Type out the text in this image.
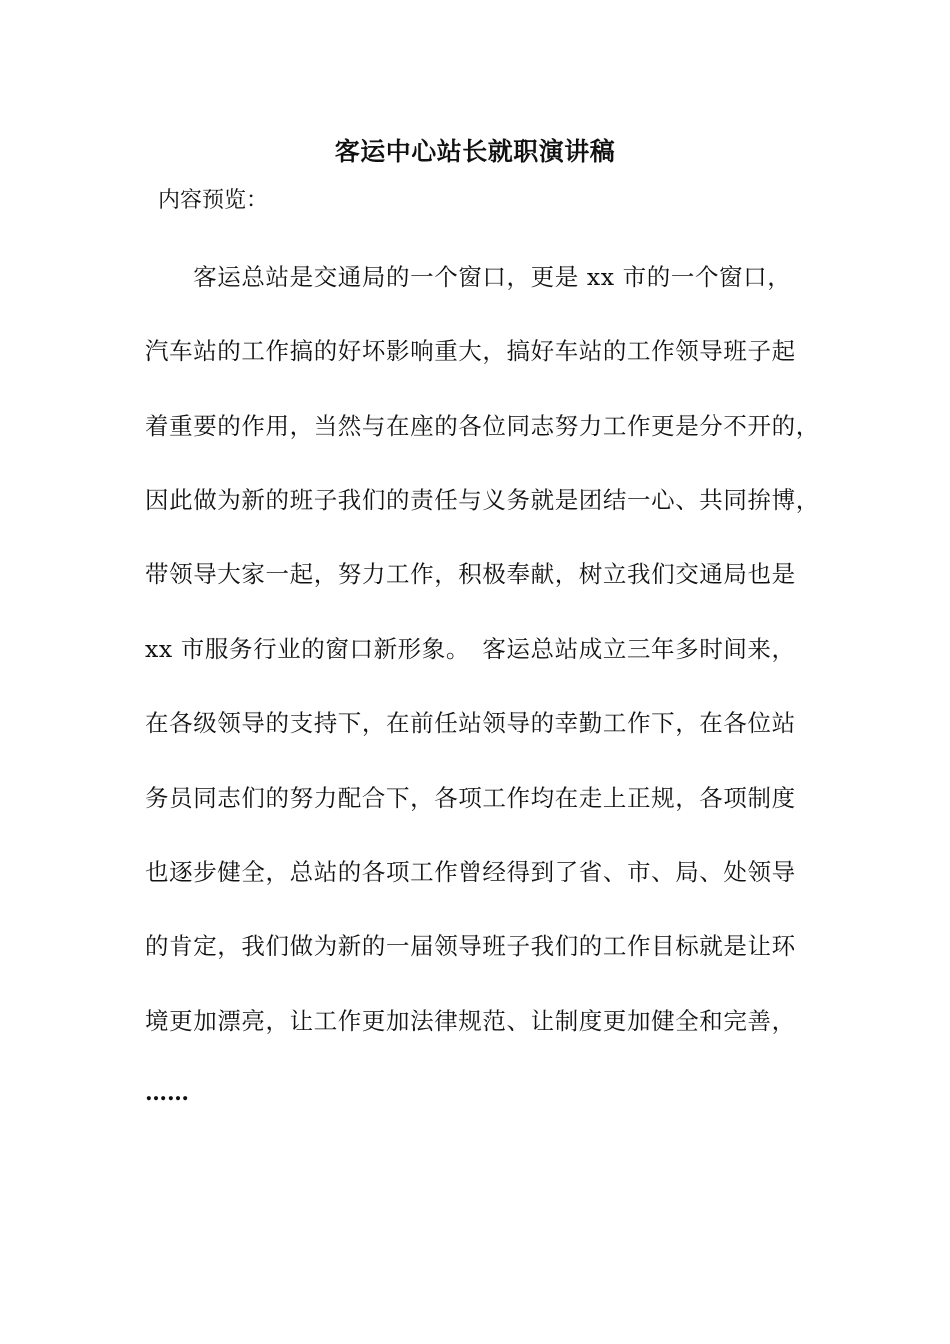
客运中心站长就职演讲稿
内容预览：
　　客运总站是交通局的一个窗口，更是 xx 市的一个窗口，
汽车站的工作搞的好坏影响重大，搞好车站的工作领导班子起
着重要的作用，当然与在座的各位同志努力工作更是分不开的，
因此做为新的班子我们的责任与义务就是团结一心、共同拚博，
带领导大家一起，努力工作，积极奉献，树立我们交通局也是
xx 市服务行业的窗口新形象。　客运总站成立三年多时间来，
在各级领导的支持下，在前任站领导的幸勤工作下，在各位站
务员同志们的努力配合下，各项工作均在走上正规，各项制度
也逐步健全，总站的各项工作曾经得到了省、市、局、处领导
的肯定，我们做为新的一届领导班子我们的工作目标就是让环
境更加漂亮，让工作更加法律规范、让制度更加健全和完善，
……
